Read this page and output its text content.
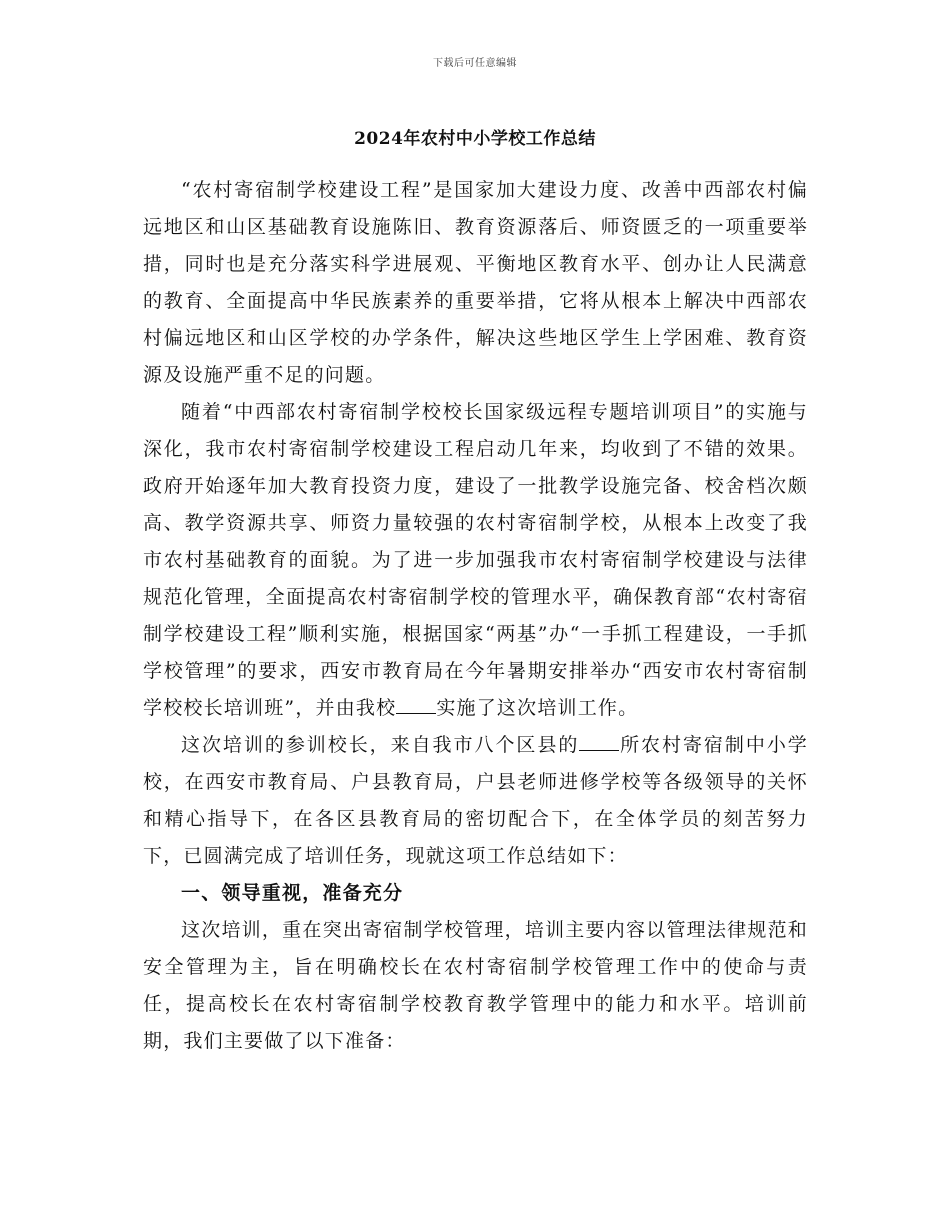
下载后可任意编辑
2024年农村中小学校工作总结

“农村寄宿制学校建设工程”是国家加大建设力度、改善中西部农村偏远地区和山区基础教育设施陈旧、教育资源落后、师资匮乏的一项重要举措，同时也是充分落实科学进展观、平衡地区教育水平、创办让人民满意的教育、全面提高中华民族素养的重要举措，它将从根本上解决中西部农村偏远地区和山区学校的办学条件，解决这些地区学生上学困难、教育资源及设施严重不足的问题。

随着“中西部农村寄宿制学校校长国家级远程专题培训项目”的实施与深化，我市农村寄宿制学校建设工程启动几年来，均收到了不错的效果。政府开始逐年加大教育投资力度，建设了一批教学设施完备、校舍档次颇高、教学资源共享、师资力量较强的农村寄宿制学校，从根本上改变了我市农村基础教育的面貌。为了进一步加强我市农村寄宿制学校建设与法律规范化管理，全面提高农村寄宿制学校的管理水平，确保教育部“农村寄宿制学校建设工程”顺利实施，根据国家“两基”办“一手抓工程建设，一手抓学校管理”的要求，西安市教育局在今年暑期安排举办“西安市农村寄宿制学校校长培训班”，并由我校 实施了这次培训工作。

这次培训的参训校长，来自我市八个区县的 所农村寄宿制中小学校，在西安市教育局、户县教育局，户县老师进修学校等各级领导的关怀和精心指导下，在各区县教育局的密切配合下，在全体学员的刻苦努力下，已圆满完成了培训任务，现就这项工作总结如下：

一、领导重视，准备充分

这次培训，重在突出寄宿制学校管理，培训主要内容以管理法律规范和安全管理为主，旨在明确校长在农村寄宿制学校管理工作中的使命与责任，提高校长在农村寄宿制学校教育教学管理中的能力和水平。培训前期，我们主要做了以下准备：
